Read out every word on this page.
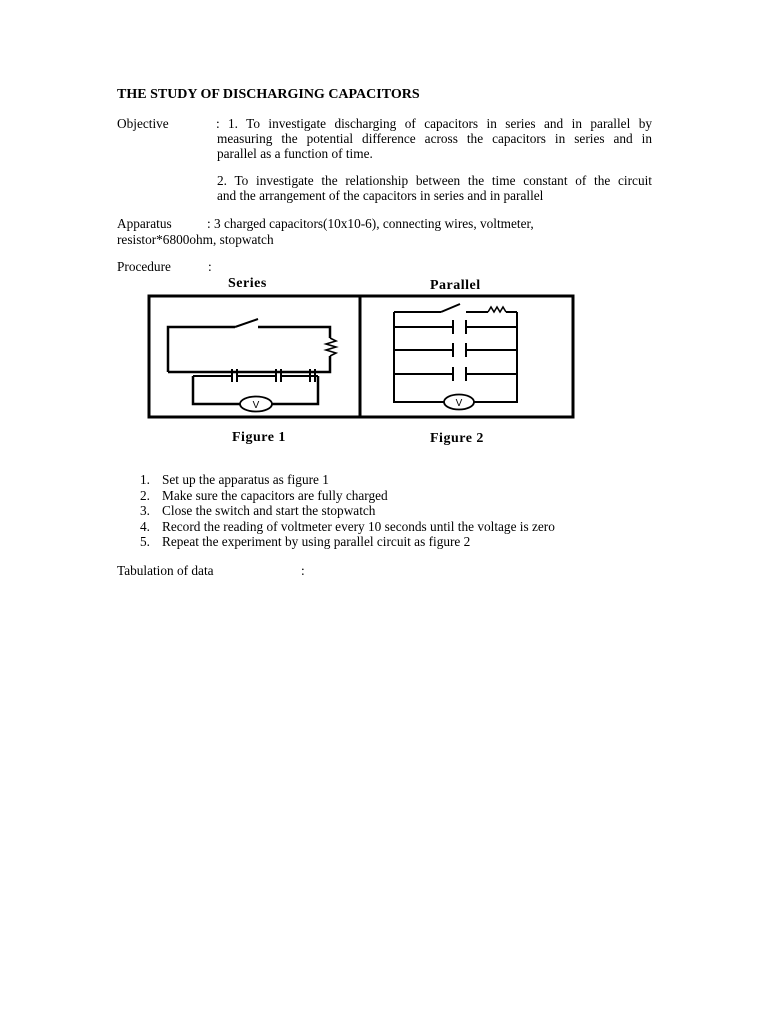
THE STUDY OF DISCHARGING CAPACITORS
Objective	: 1. To investigate discharging of capacitors in series and in parallel by
measuring the potential difference across the capacitors in series and in
parallel as a function of time.
2. To investigate the relationship between the time constant of the circuit
and the arrangement of the capacitors in series and in parallel
Apparatus	: 3 charged capacitors(10x10-6), connecting wires, voltmeter,
resistor*6800ohm, stopwatch
Procedure	:
Series	Parallel
Figure 1	Figure 2
V	V
1. Set up the apparatus as figure 1
2. Make sure the capacitors are fully charged
3. Close the switch and start the stopwatch
4. Record the reading of voltmeter every 10 seconds until the voltage is zero
5. Repeat the experiment by using parallel circuit as figure 2
Tabulation of data	:
